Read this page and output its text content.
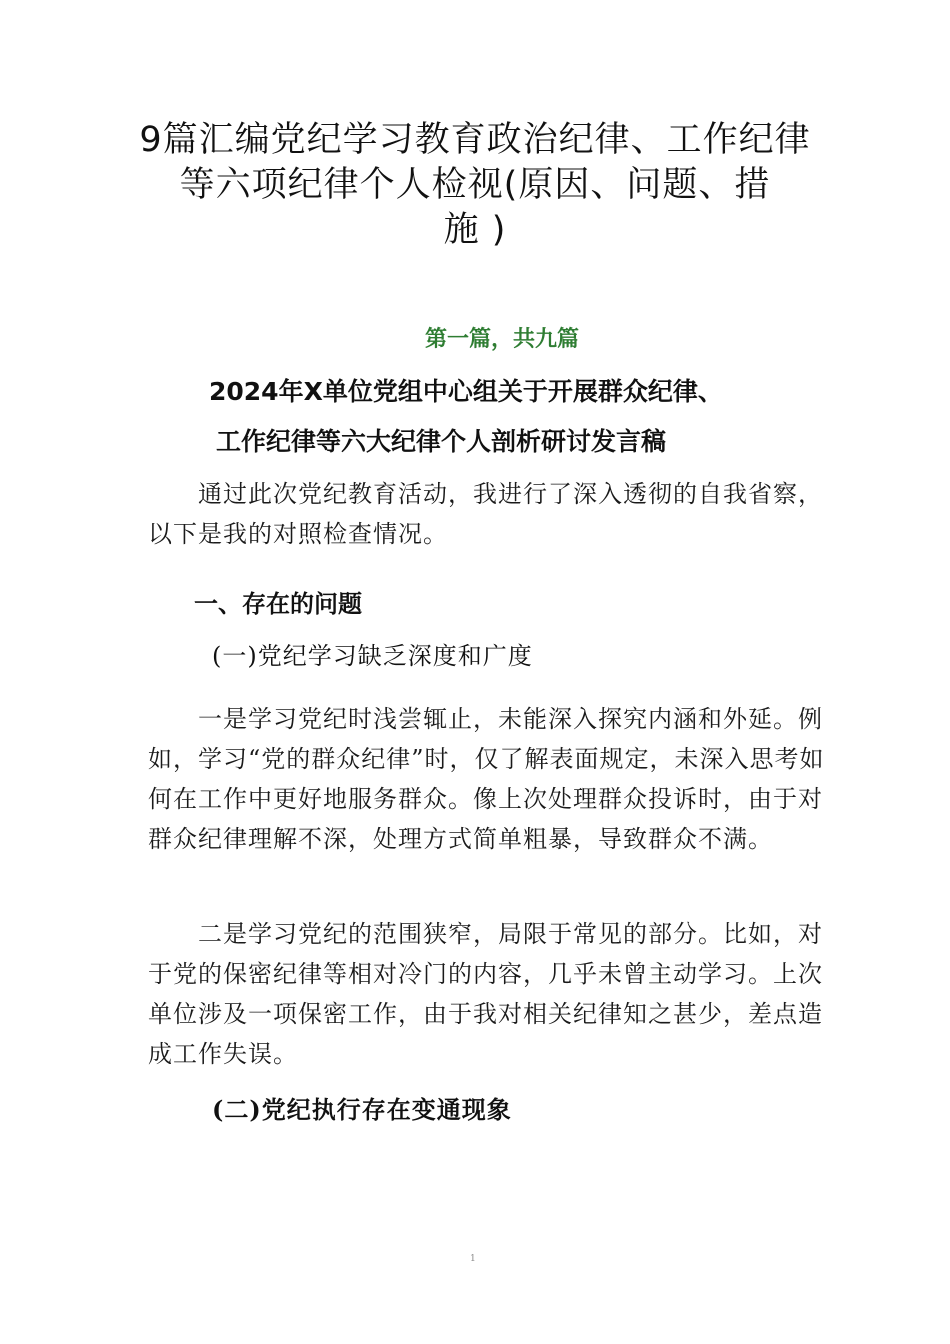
9篇汇编党纪学习教育政治纪律、工作纪律
等六项纪律个人检视(原因、问题、措
施 )
第一篇，共九篇
2024年X单位党组中心组关于开展群众纪律、
工作纪律等六大纪律个人剖析研讨发言稿
通过此次党纪教育活动，我进行了深入透彻的自我省察，以下是我的对照检查情况。
一、存在的问题
(一)党纪学习缺乏深度和广度
一是学习党纪时浅尝辄止，未能深入探究内涵和外延。例如，学习“党的群众纪律”时，仅了解表面规定，未深入思考如何在工作中更好地服务群众。像上次处理群众投诉时，由于对群众纪律理解不深，处理方式简单粗暴，导致群众不满。
二是学习党纪的范围狭窄，局限于常见的部分。比如，对于党的保密纪律等相对冷门的内容，几乎未曾主动学习。上次单位涉及一项保密工作，由于我对相关纪律知之甚少，差点造成工作失误。
(二)党纪执行存在变通现象
1
